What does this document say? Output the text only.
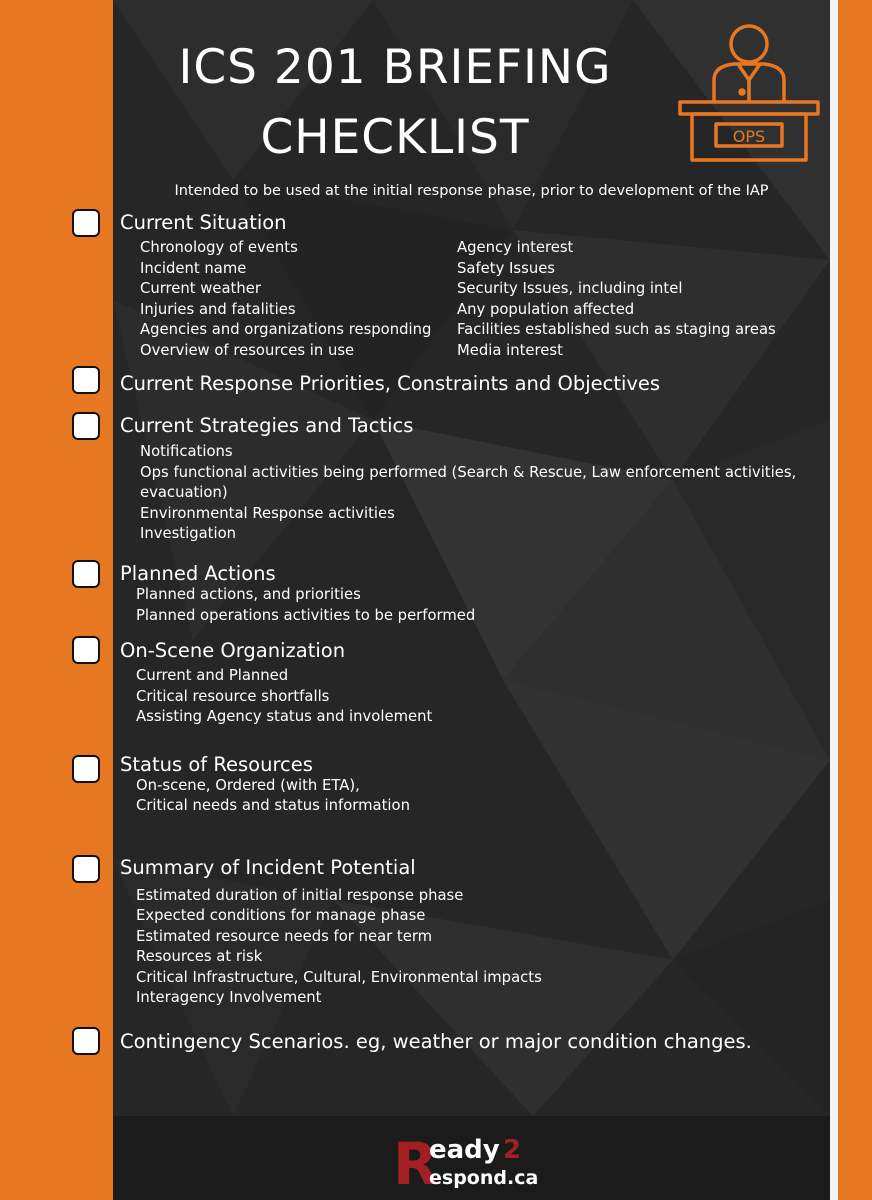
ICS 201 BRIEFING
CHECKLIST	OPS
Intended to be used at the initial response phase, prior to development of the IAP
Current Situation
Chronology of events
Incident name
Current weather
Injuries and fatalities
Agencies and organizations responding
Overview of resources in use
Agency interest
Safety Issues
Security Issues, including intel
Any population affected
Facilities established such as staging areas
Media interest
Current Response Priorities, Constraints and Objectives
Current Strategies and Tactics
Notifications
Ops functional activities being performed (Search & Rescue, Law enforcement activities,
evacuation)
Environmental Response activities
Investigation
Planned Actions
Planned actions, and priorities
Planned operations activities to be performed
On-Scene Organization
Current and Planned
Critical resource shortfalls
Assisting Agency status and involement
Status of Resources
On-scene, Ordered (with ETA),
Critical needs and status information
Summary of Incident Potential
Estimated duration of initial response phase
Expected conditions for manage phase
Estimated resource needs for near term
Resources at risk
Critical Infrastructure, Cultural, Environmental impacts
Interagency Involvement
Contingency Scenarios. eg, weather or major condition changes.
R
eady 2
espond.ca
